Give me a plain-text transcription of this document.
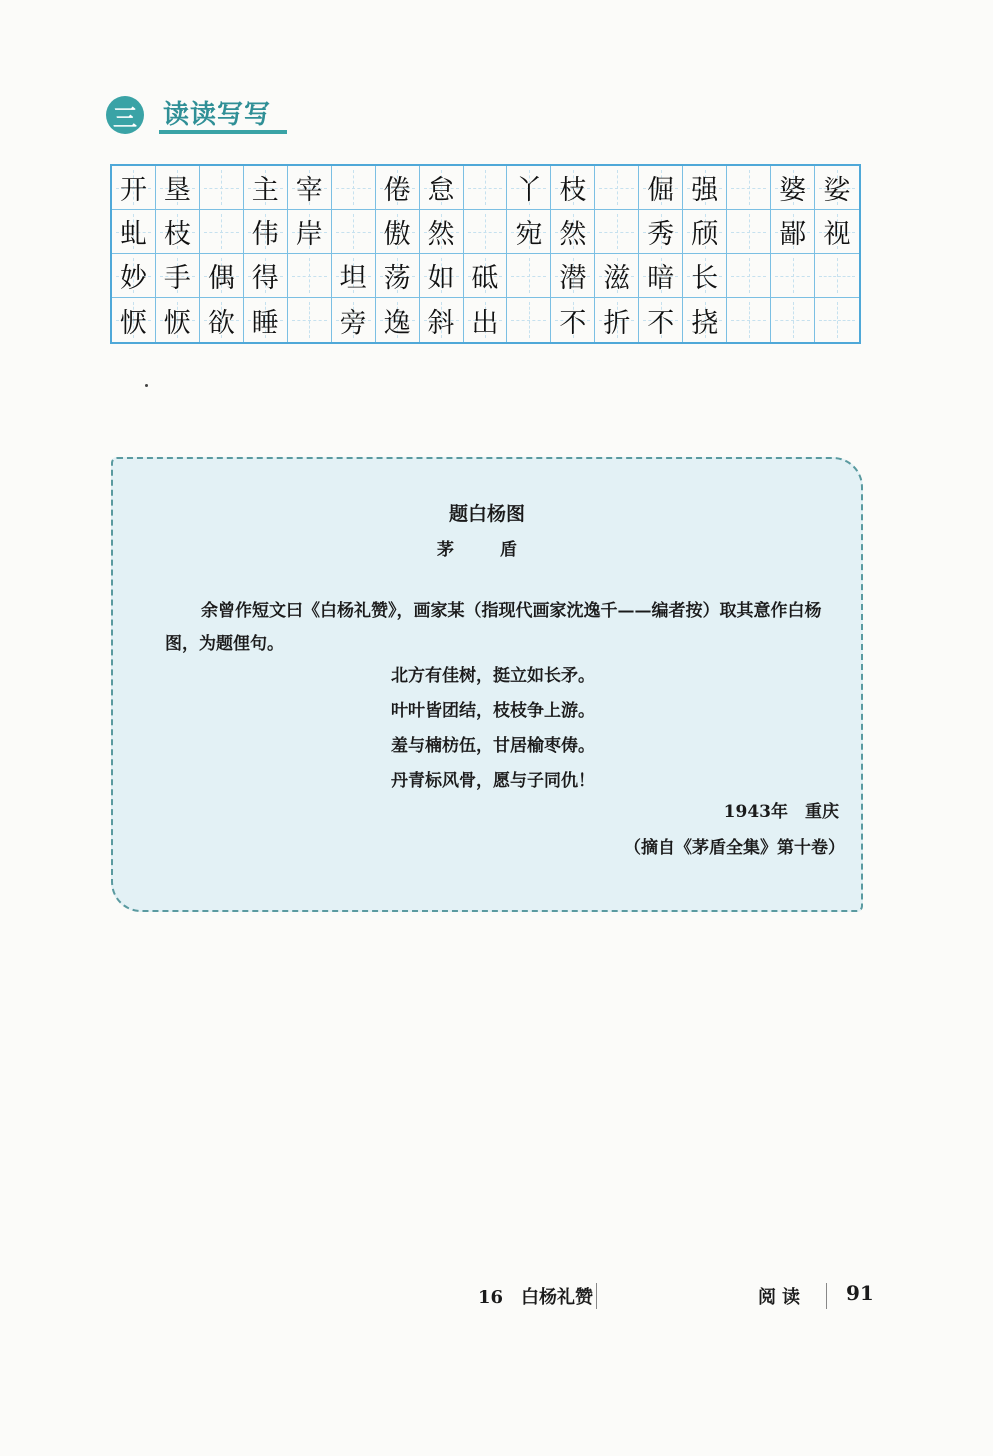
三 读读写写
开 垦 主 宰 倦 怠 丫 枝 倔 强 婆 娑
虬 枝 伟 岸 傲 然 宛 然 秀 颀 鄙 视
妙 手 偶 得 坦 荡 如 砥 潜 滋 暗 长
恹 恹 欲 睡 旁 逸 斜 出 不 折 不 挠
题白杨图
茅 盾
余曾作短文曰《白杨礼赞》，画家某（指现代画家沈逸千——编者按）取其意作白杨图，为题俚句。
北方有佳树，挺立如长矛。
叶叶皆团结，枝枝争上游。
羞与楠枋伍，甘居榆枣俦。
丹青标风骨，愿与子同仇！
1943年　重庆
（摘自《茅盾全集》第十卷）
16　白杨礼赞	阅读 91
